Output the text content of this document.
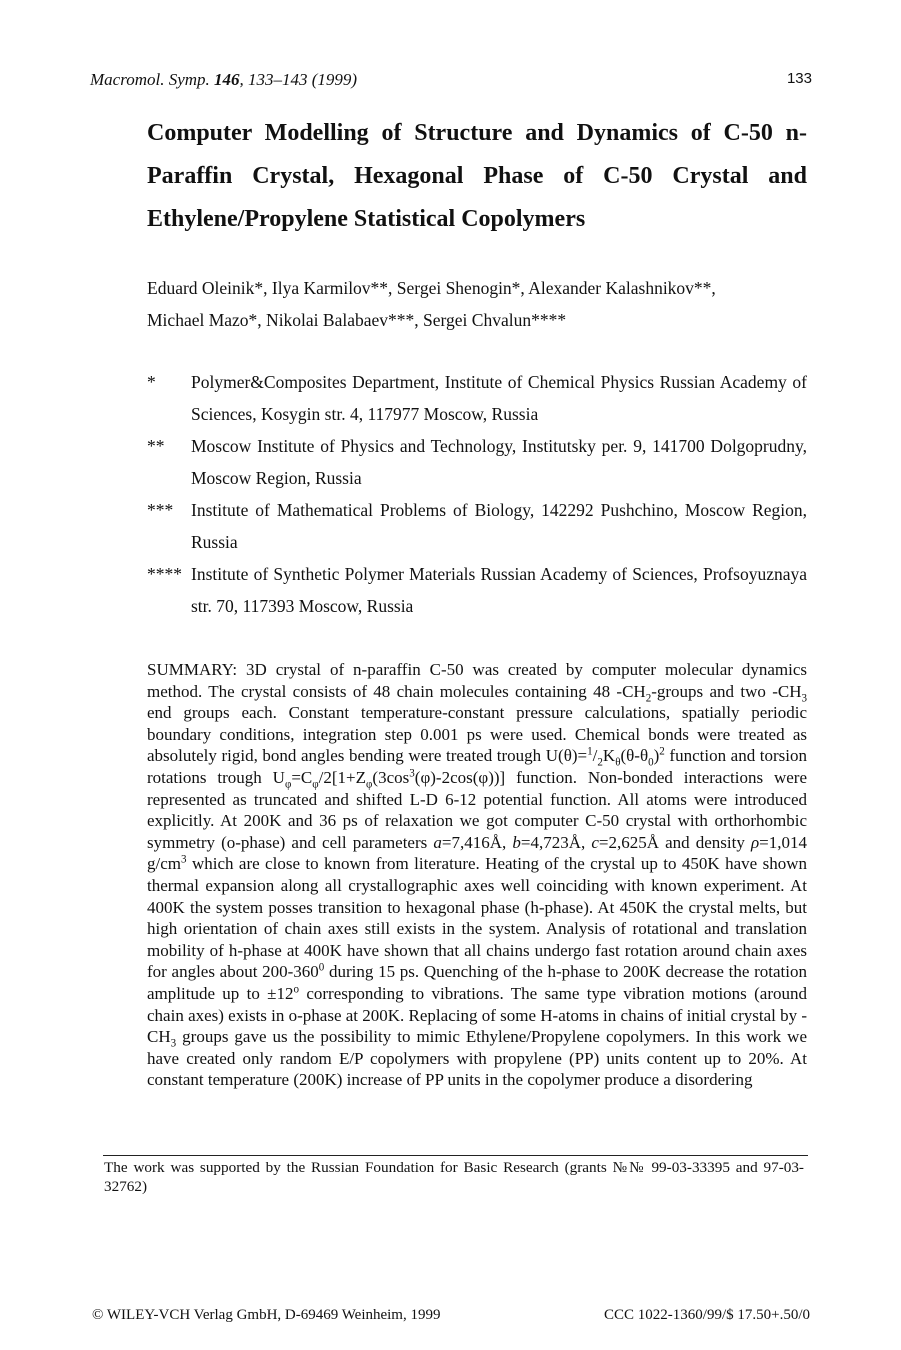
Macromol. Symp. 146, 133–143 (1999)	133
Computer Modelling of Structure and Dynamics of C-50 n-Paraffin Crystal, Hexagonal Phase of C-50 Crystal and Ethylene/Propylene Statistical Copolymers
Eduard Oleinik*, Ilya Karmilov**, Sergei Shenogin*, Alexander Kalashnikov**,
Michael Mazo*, Nikolai Balabaev***, Sergei Chvalun****
*	Polymer&Composites Department, Institute of Chemical Physics Russian Academy of Sciences, Kosygin str. 4, 117977 Moscow, Russia
**	Moscow Institute of Physics and Technology, Institutsky per. 9, 141700 Dolgoprudny, Moscow Region, Russia
***	Institute of Mathematical Problems of Biology, 142292 Pushchino, Moscow Region, Russia
**** Institute of Synthetic Polymer Materials Russian Academy of Sciences, Profsoyuznaya str. 70, 117393 Moscow, Russia
SUMMARY: 3D crystal of n-paraffin C-50 was created by computer molecular dynamics method. The crystal consists of 48 chain molecules containing 48 $-CH_2$-groups and two $-CH_3$ end groups each. Constant temperature-constant pressure calculations, spatially periodic boundary conditions, integration step 0.001 ps were used. Chemical bonds were treated as absolutely rigid, bond angles bending were treated trough $U(\theta)=^1/_2K_\theta(\theta-\theta_0)^2$ function and torsion rotations trough $U_\varphi=C_\varphi/2[1+Z_\varphi(3\cos^3(\varphi)-2\cos(\varphi))]$ function. Non-bonded interactions were represented as truncated and shifted L-D 6-12 potential function. All atoms were introduced explicitly. At 200K and 36 ps of relaxation we got computer C-50 crystal with orthorhombic symmetry (o-phase) and cell parameters a=7,416Å, b=4,723Å, c=2,625Å and density ρ=1,014 $g/cm^3$ which are close to known from literature. Heating of the crystal up to 450K have shown thermal expansion along all crystallographic axes well coinciding with known experiment. At 400K the system posses transition to hexagonal phase (h-phase). At 450K the crystal melts, but high orientation of chain axes still exists in the system. Analysis of rotational and translation mobility of h-phase at 400K have shown that all chains undergo fast rotation around chain axes for angles about $200-360^0$ during 15 ps. Quenching of the h-phase to 200K decrease the rotation amplitude up to $\pm 12^o$ corresponding to vibrations. The same type vibration motions (around chain axes) exists in o-phase at 200K. Replacing of some H-atoms in chains of initial crystal by $-CH_3$ groups gave us the possibility to mimic Ethylene/Propylene copolymers. In this work we have created only random E/P copolymers with propylene (PP) units content up to 20%. At constant temperature (200K) increase of PP units in the copolymer produce a disordering
The work was supported by the Russian Foundation for Basic Research (grants №№ 99-03-33395 and 97-03-32762)
© WILEY-VCH Verlag GmbH, D-69469 Weinheim, 1999	CCC 1022-1360/99/$ 17.50+.50/0
